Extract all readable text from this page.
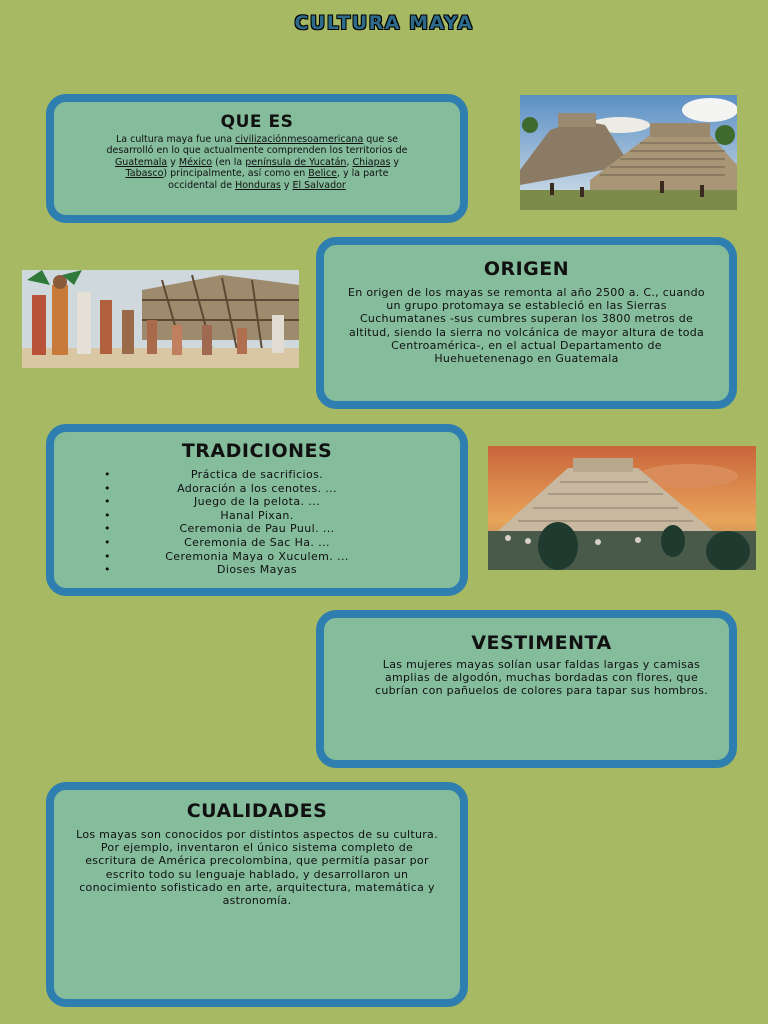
CULTURA MAYA
QUE ES

La cultura maya fue una civilizaciónmesoamericana que se desarrolló en lo que actualmente comprenden los territorios de Guatemala y México (en la península de Yucatán, Chiapas y Tabasco) principalmente, así como en Belice, y la parte occidental de Honduras y El Salvador

ORIGEN

En origen de los mayas se remonta al año 2500 a. C., cuando un grupo protomaya se estableció en las Sierras Cuchumatanes -sus cumbres superan los 3800 metros de altitud, siendo la sierra no volcánica de mayor altura de toda Centroamérica-, en el actual Departamento de Huehuetenenago en Guatemala

TRADICIONES
• Práctica de sacrificios.
• Adoración a los cenotes. ...
• Juego de la pelota. ...
• Hanal Pixan.
• Ceremonia de Pau Puul. ...
• Ceremonia de Sac Ha. ...
• Ceremonia Maya o Xuculem. ...
• Dioses Mayas
VESTIMENTA

Las mujeres mayas solían usar faldas largas y camisas amplias de algodón, muchas bordadas con flores, que cubrían con pañuelos de colores para tapar sus hombros.

CUALIDADES

Los mayas son conocidos por distintos aspectos de su cultura. Por ejemplo, inventaron el único sistema completo de escritura de América precolombina, que permitía pasar por escrito todo su lenguaje hablado, y desarrollaron un conocimiento sofisticado en arte, arquitectura, matemática y astronomía.
